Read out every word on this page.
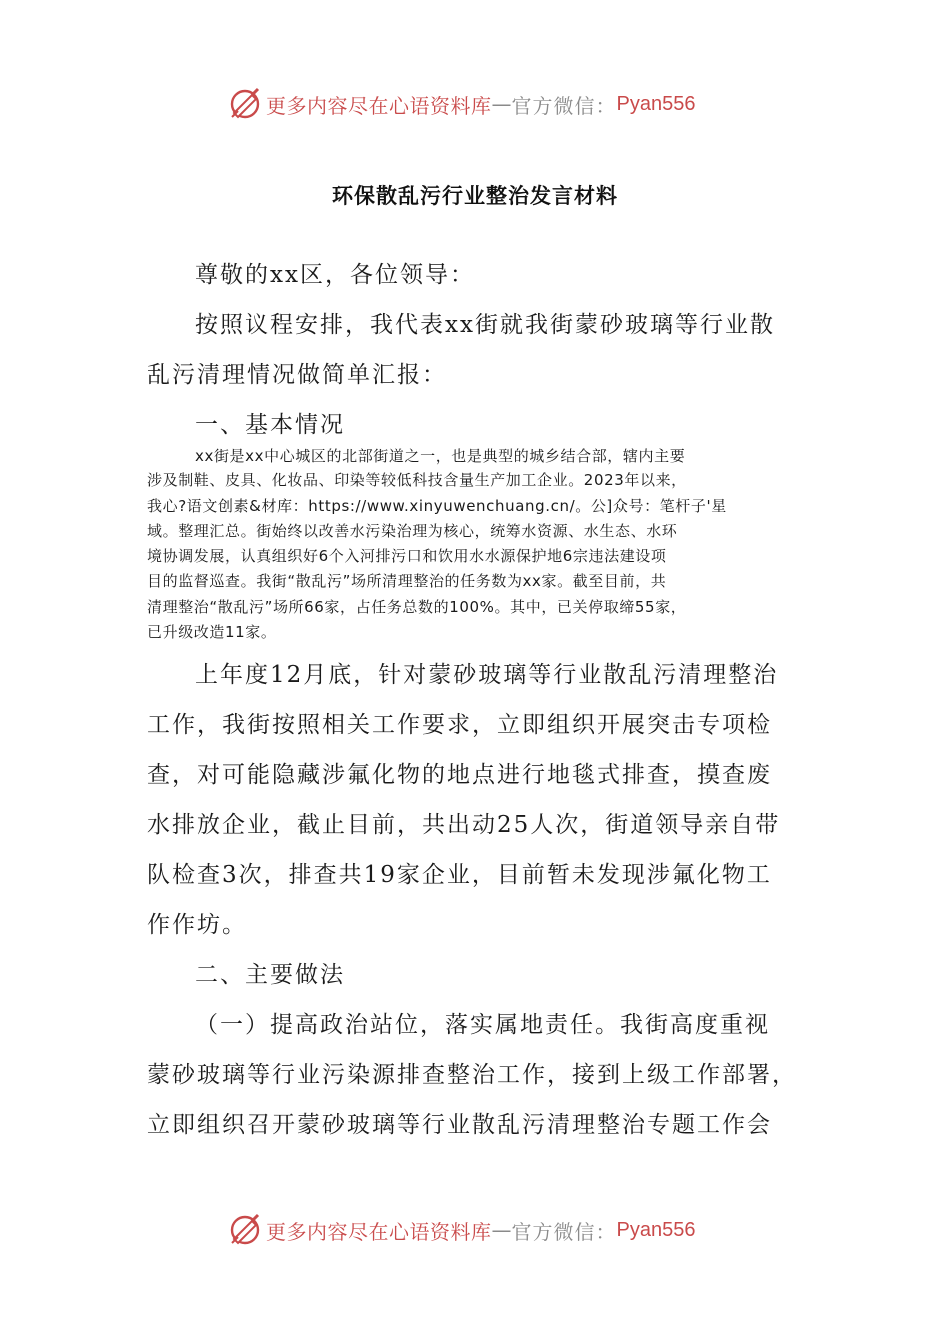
更多内容尽在心语资料库 — 官方微信： Pyan556
环保散乱污行业整治发言材料
尊敬的xx区，各位领导：
按照议程安排，我代表xx街就我街蒙砂玻璃等行业散
乱污清理情况做简单汇报：
一、基本情况
xx街是xx中心城区的北部街道之一，也是典型的城乡结合部，辖内主要
涉及制鞋、皮具、化妆品、印染等较低科技含量生产加工企业。2023年以来，
我心?语文创素&材库：https://www.xinyuwenchuang.cn/。公]众号：笔杆子'星
域。整理汇总。街始终以改善水污染治理为核心，统筹水资源、水生态、水环
境协调发展，认真组织好6个入河排污口和饮用水水源保护地6宗违法建设项
目的监督巡查。我街“散乱污”场所清理整治的任务数为xx家。截至目前，共
清理整治“散乱污”场所66家，占任务总数的100%。其中，已关停取缔55家，
已升级改造11家。
上年度12月底，针对蒙砂玻璃等行业散乱污清理整治
工作，我街按照相关工作要求，立即组织开展突击专项检
查，对可能隐藏涉氟化物的地点进行地毯式排查，摸查废
水排放企业，截止目前，共出动25人次，街道领导亲自带
队检查3次，排查共19家企业，目前暂未发现涉氟化物工
作作坊。
二、主要做法
（一）提高政治站位，落实属地责任。我街高度重视
蒙砂玻璃等行业污染源排查整治工作，接到上级工作部署，
立即组织召开蒙砂玻璃等行业散乱污清理整治专题工作会
更多内容尽在心语资料库 — 官方微信： Pyan556
